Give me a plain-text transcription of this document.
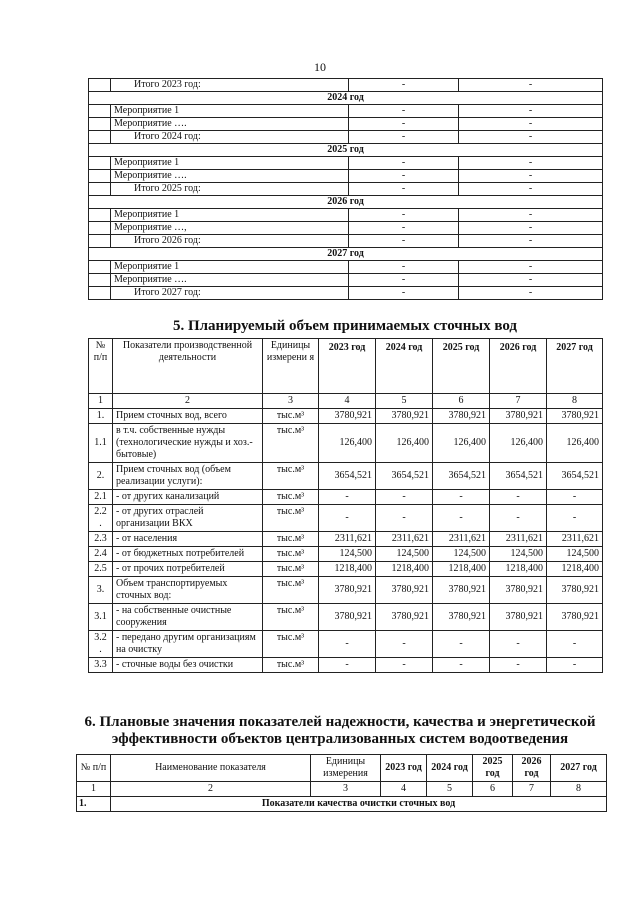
10
	Итого 2023 год:	-	-
2024 год			
	Мероприятие 1	-	-
	Мероприятие ….	-	-
	Итого 2024 год:	-	-
2025 год			
	Мероприятие 1	-	-
	Мероприятие ….	-	-
	Итого 2025 год:	-	-
2026 год			
	Мероприятие 1	-	-
	Мероприятие …,	-	-
	Итого 2026 год:	-	-
2027 год			
	Мероприятие 1	-	-
	Мероприятие ….	-	-
	Итого 2027 год:	-	-
5. Планируемый объем принимаемых сточных вод
№ п/п	Показатели производственной деятельности	Единицы измерени я	2023 год	2024 год	2025 год	2026 год	2027 год
1	2	3	4	5	6	7	8
1.	Прием сточных вод, всего	тыс.м³	3780,921	3780,921	3780,921	3780,921	3780,921
1.1	в т.ч. собственные нужды (технологические нужды и хоз.-бытовые)	тыс.м³	126,400	126,400	126,400	126,400	126,400
2.	Прием сточных вод (объем реализации услуги):	тыс.м³	3654,521	3654,521	3654,521	3654,521	3654,521
2.1	- от других канализаций	тыс.м³	-	-	-	-	-
2.2 .	- от других отраслей организации ВКХ	тыс.м³	-	-	-	-	-
2.3	- от населения	тыс.м³	2311,621	2311,621	2311,621	2311,621	2311,621
2.4	- от бюджетных потребителей	тыс.м³	124,500	124,500	124,500	124,500	124,500
2.5	- от прочих потребителей	тыс.м³	1218,400	1218,400	1218,400	1218,400	1218,400
3.	Объем транспортируемых сточных вод:	тыс.м³	3780,921	3780,921	3780,921	3780,921	3780,921
3.1	- на собственные очистные сооружения	тыс.м³	3780,921	3780,921	3780,921	3780,921	3780,921
3.2 .	- передано другим организациям на очистку	тыс.м³	-	-	-	-	-
3.3	- сточные воды без очистки	тыс.м³	-	-	-	-	-
6. Плановые значения показателей надежности, качества и энергетической эффективности объектов централизованных систем водоотведения
№ п/п	Наименование показателя	Единицы измерения	2023 год	2024 год	2025 год	2026 год	2027 год
1	2	3	4	5	6	7	8
1.	Показатели качества очистки сточных вод						
